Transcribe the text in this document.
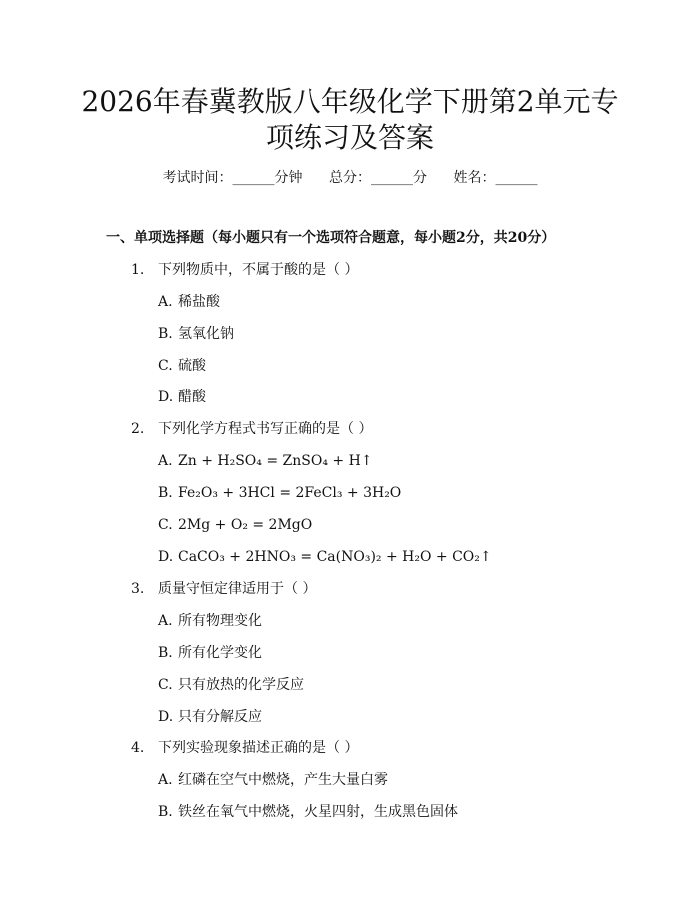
2026年春冀教版八年级化学下册第2单元专
项练习及答案
考试时间：______分钟 总分：______分 姓名：______
一、单项选择题（每小题只有一个选项符合题意，每小题2分，共20分）
1. 下列物质中，不属于酸的是（ ）
A. 稀盐酸
B. 氢氧化钠
C. 硫酸
D. 醋酸
2. 下列化学方程式书写正确的是（ ）
A. Zn + H₂SO₄ = ZnSO₄ + H↑
B. Fe₂O₃ + 3HCl = 2FeCl₃ + 3H₂O
C. 2Mg + O₂ = 2MgO
D. CaCO₃ + 2HNO₃ = Ca(NO₃)₂ + H₂O + CO₂↑
3. 质量守恒定律适用于（ ）
A. 所有物理变化
B. 所有化学变化
C. 只有放热的化学反应
D. 只有分解反应
4. 下列实验现象描述正确的是（ ）
A. 红磷在空气中燃烧，产生大量白雾
B. 铁丝在氧气中燃烧，火星四射，生成黑色固体
